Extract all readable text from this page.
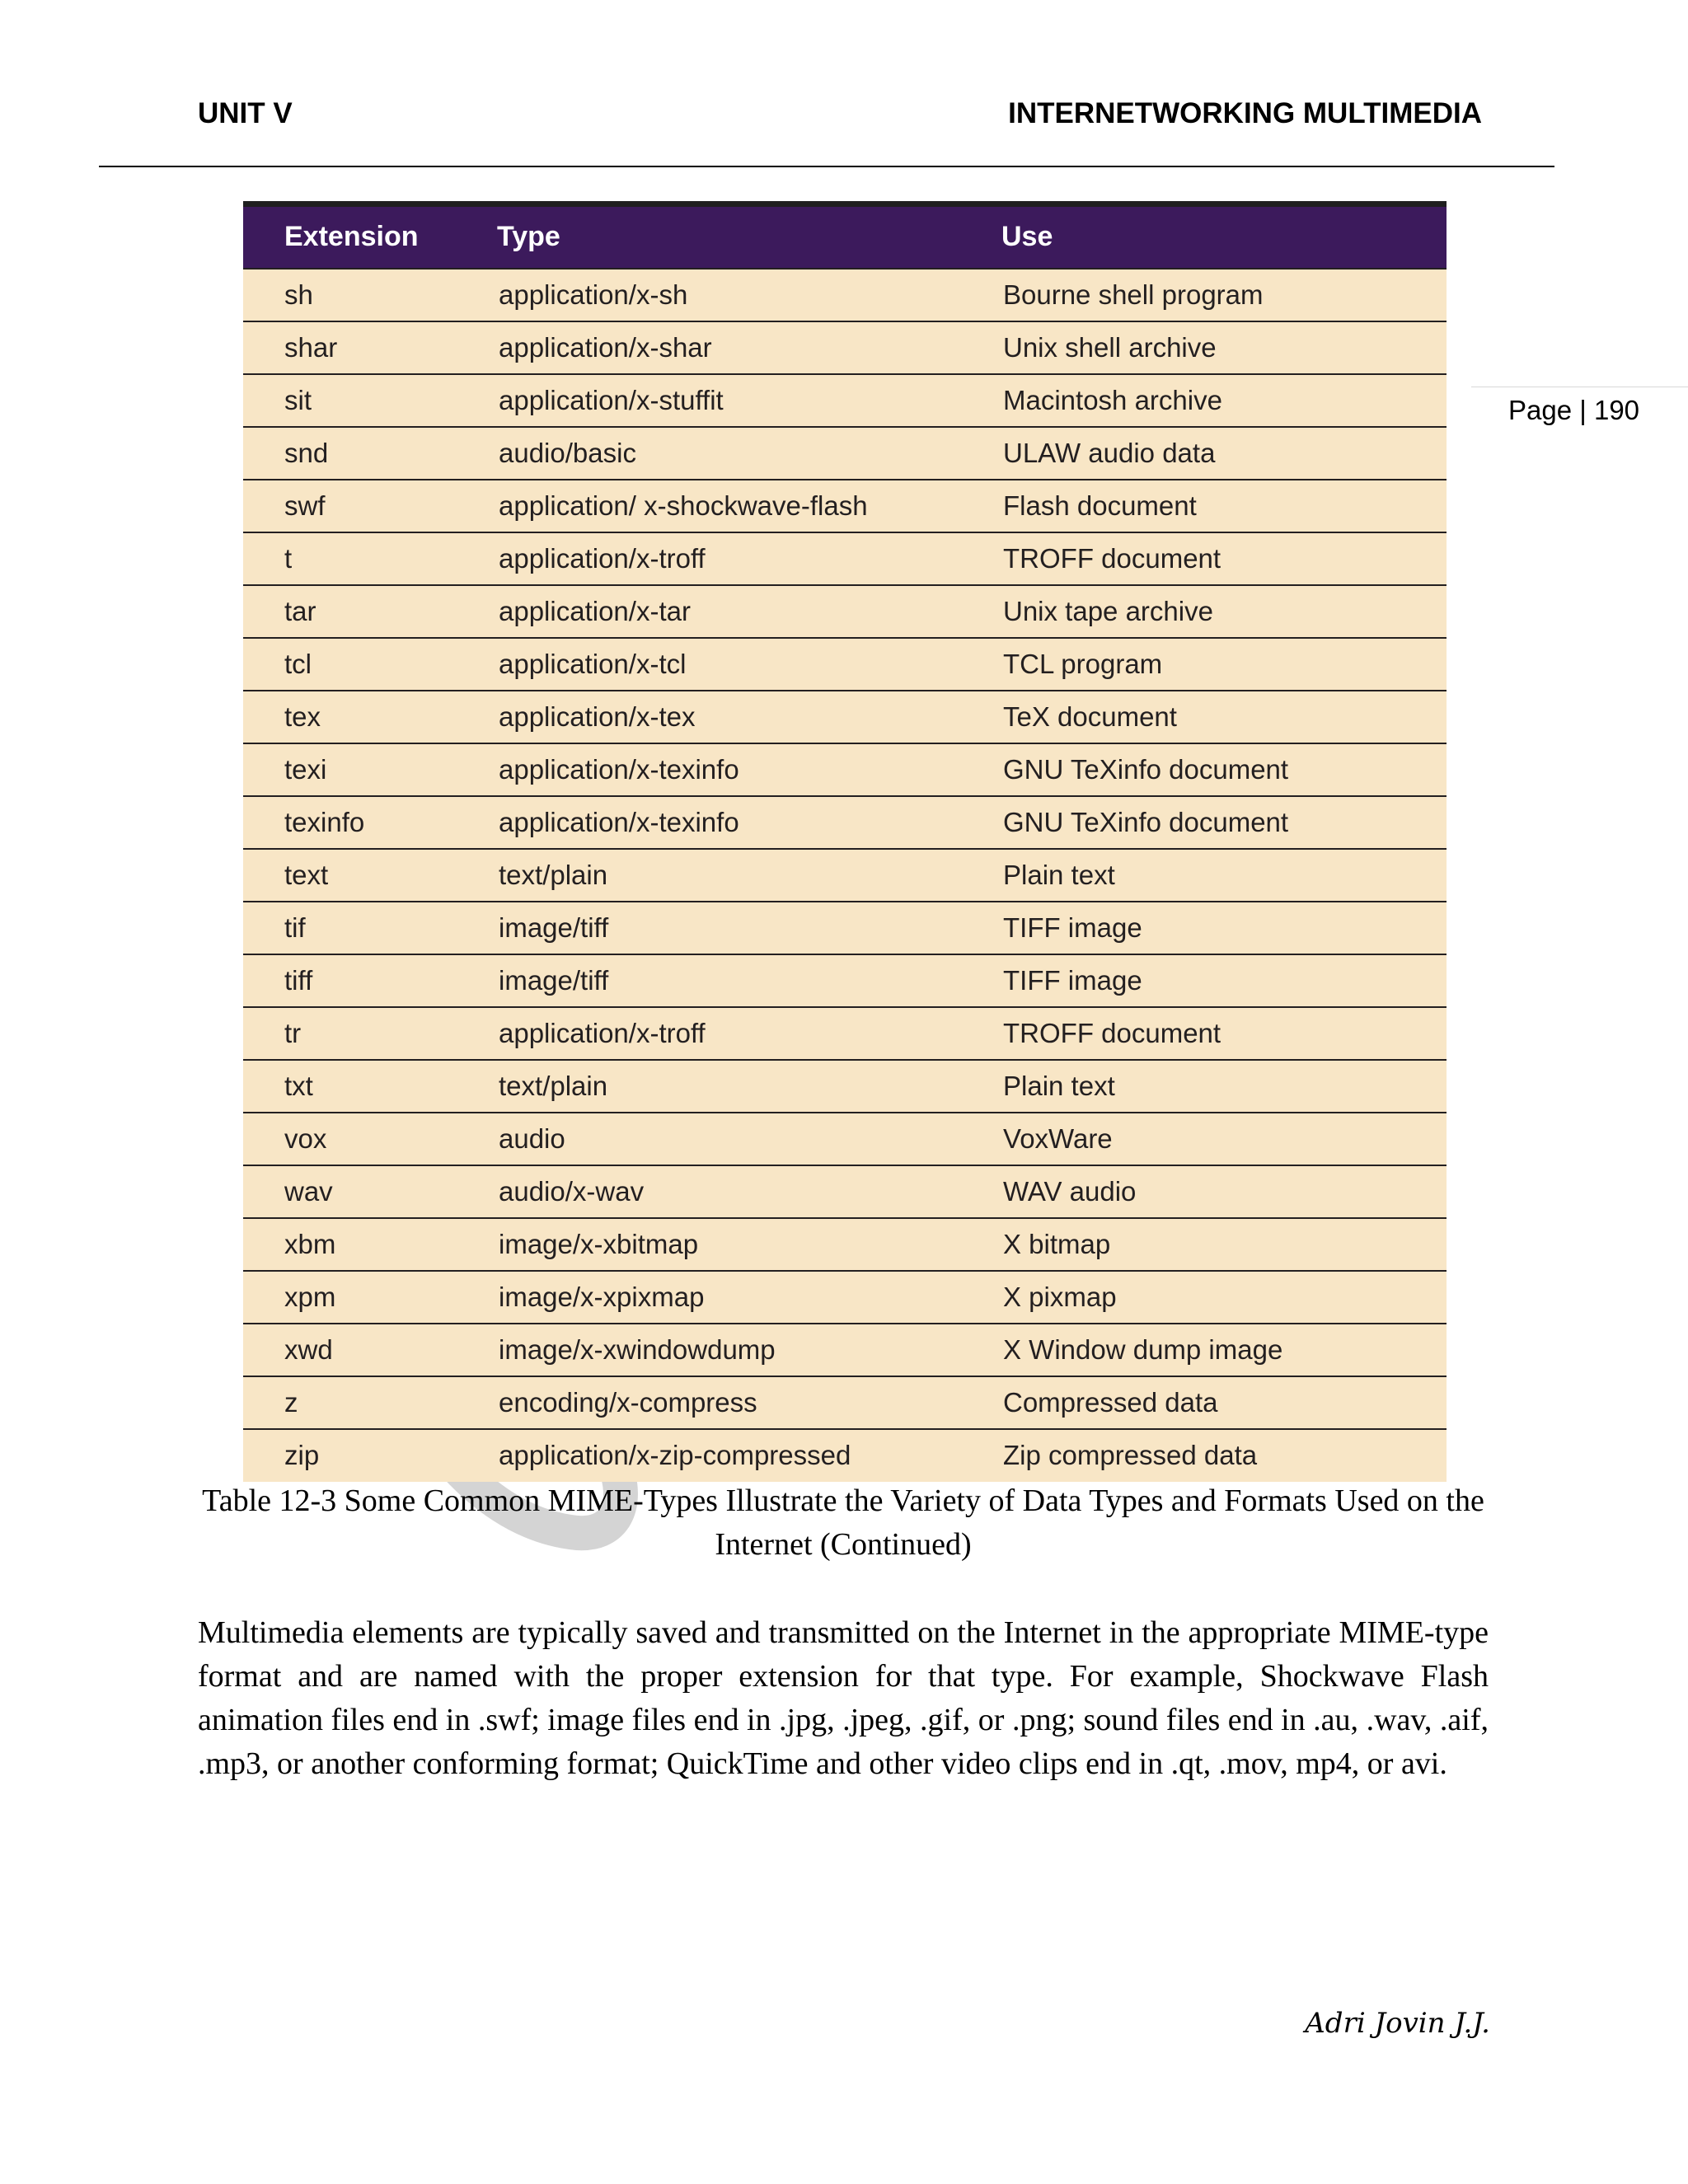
UNIT V	INTERNETWORKING MULTIMEDIA
Page | 190
Extension	Type	Use
sh	application/x-sh	Bourne shell program
shar	application/x-shar	Unix shell archive
sit	application/x-stuffit	Macintosh archive
snd	audio/basic	ULAW audio data
swf	application/ x-shockwave-flash	Flash document
t	application/x-troff	TROFF document
tar	application/x-tar	Unix tape archive
tcl	application/x-tcl	TCL program
tex	application/x-tex	TeX document
texi	application/x-texinfo	GNU TeXinfo document
texinfo	application/x-texinfo	GNU TeXinfo document
text	text/plain	Plain text
tif	image/tiff	TIFF image
tiff	image/tiff	TIFF image
tr	application/x-troff	TROFF document
txt	text/plain	Plain text
vox	audio	VoxWare
wav	audio/x-wav	WAV audio
xbm	image/x-xbitmap	X bitmap
xpm	image/x-xpixmap	X pixmap
xwd	image/x-xwindowdump	X Window dump image
z	encoding/x-compress	Compressed data
zip	application/x-zip-compressed	Zip compressed data
Table 12-3 Some Common MIME-Types Illustrate the Variety of Data Types and Formats Used on the Internet (Continued)
Multimedia elements are typically saved and transmitted on the Internet in the appropriate MIME-type format and are named with the proper extension for that type. For example, Shockwave Flash animation files end in .swf; image files end in .jpg, .jpeg, .gif, or .png; sound files end in .au, .wav, .aif, .mp3, or another conforming format; QuickTime and other video clips end in .qt, .mov, mp4, or avi.
Adri Jovin J.J.
